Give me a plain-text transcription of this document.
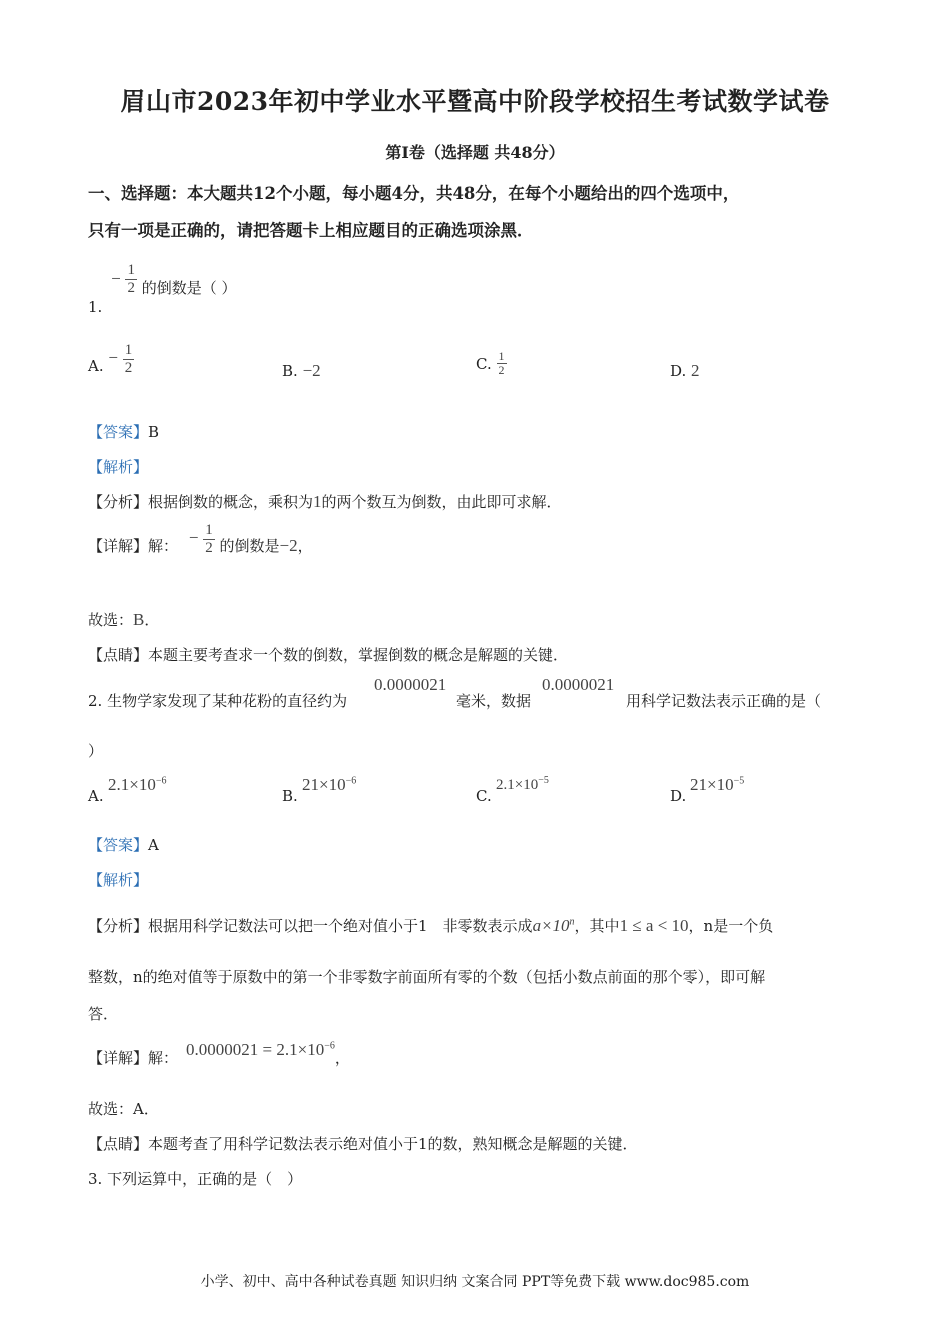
眉山市2023年初中学业水平暨高中阶段学校招生考试数学试卷
第I卷（选择题 共48分）
一、选择题：本大题共12个小题，每小题4分，共48分，在每个小题给出的四个选项中，
只有一项是正确的，请把答题卡上相应题目的正确选项涂黑．
1. − $\frac{1}{2}$ 的倒数是（ ）
A. − $\frac{1}{2}$	B. −2	C. $\frac{1}{2}$	D. 2
【答案】B
【解析】
【分析】根据倒数的概念，乘积为1的两个数互为倒数，由此即可求解．
【详解】解： − $\frac{1}{2}$ 的倒数是−2，
故选：B．
【点睛】本题主要考查求一个数的倒数，掌握倒数的概念是解题的关键．
2. 生物学家发现了某种花粉的直径约为
0.0000021
毫米，数据
0.0000021
用科学记数法表示正确的是（
）
A.
$2.1\times 10^{-6}$
B.
$21\times 10^{-6}$
C.
$2.1\times 10^{-5}$
D.
$21\times 10^{-5}$
【答案】A
【解析】
【分析】根据用科学记数法可以把一个绝对值小于1　非零数表示成$a\times 10^n$，其中1 ≤ a < 10，n是一个负
整数，n的绝对值等于原数中的第一个非零数字前面所有零的个数（包括小数点前面的那个零），即可解
答．
【详解】解： $0.0000021 = 2.1\times 10^{-6}$，
故选：A．
【点睛】本题考查了用科学记数法表示绝对值小于1的数，熟知概念是解题的关键．
3. 下列运算中，正确的是（　）
小学、初中、高中各种试卷真题 知识归纳 文案合同 PPT等免费下载 www.doc985.com
